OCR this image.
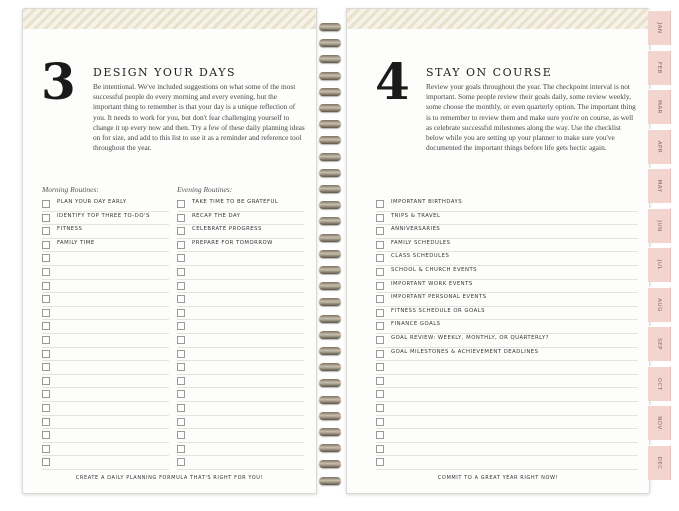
3 DESIGN YOUR DAYS
Be intentional. We've included suggestions on what some of the most successful people do every morning and every evening, but the important thing to remember is that your day is a unique reflection of you. It needs to work for you, but don't fear challenging yourself to change it up every now and then. Try a few of these daily planning ideas on for size, and add to this list to use it as a reminder and reference tool throughout the year.
Morning Routines:	Evening Routines:
PLAN YOUR DAY EARLY
IDENTIFY TOP THREE TO-DO'S
FITNESS
FAMILY TIME
TAKE TIME TO BE GRATEFUL
RECAP THE DAY
CELEBRATE PROGRESS
PREPARE FOR TOMORROW
CREATE A DAILY PLANNING FORMULA THAT'S RIGHT FOR YOU!
4 STAY ON COURSE
Review your goals throughout the year. The checkpoint interval is not important. Some people review their goals daily, some review weekly, some choose the monthly, or even quarterly option. The important thing is to remember to review them and make sure you're on course, as well as celebrate successful milestones along the way. Use the checklist below while you are setting up your planner to make sure you've documented the important things before life gets hectic again.
IMPORTANT BIRTHDAYS
TRIPS & TRAVEL
ANNIVERSARIES
FAMILY SCHEDULES
CLASS SCHEDULES
SCHOOL & CHURCH EVENTS
IMPORTANT WORK EVENTS
IMPORTANT PERSONAL EVENTS
FITNESS SCHEDULE OR GOALS
FINANCE GOALS
GOAL REVIEW: WEEKLY, MONTHLY, OR QUARTERLY?
GOAL MILESTONES & ACHIEVEMENT DEADLINES
COMMIT TO A GREAT YEAR RIGHT NOW!
JAN
FEB
MAR
APR
MAY
JUN
JUL
AUG
SEP
OCT
NOV
DEC
